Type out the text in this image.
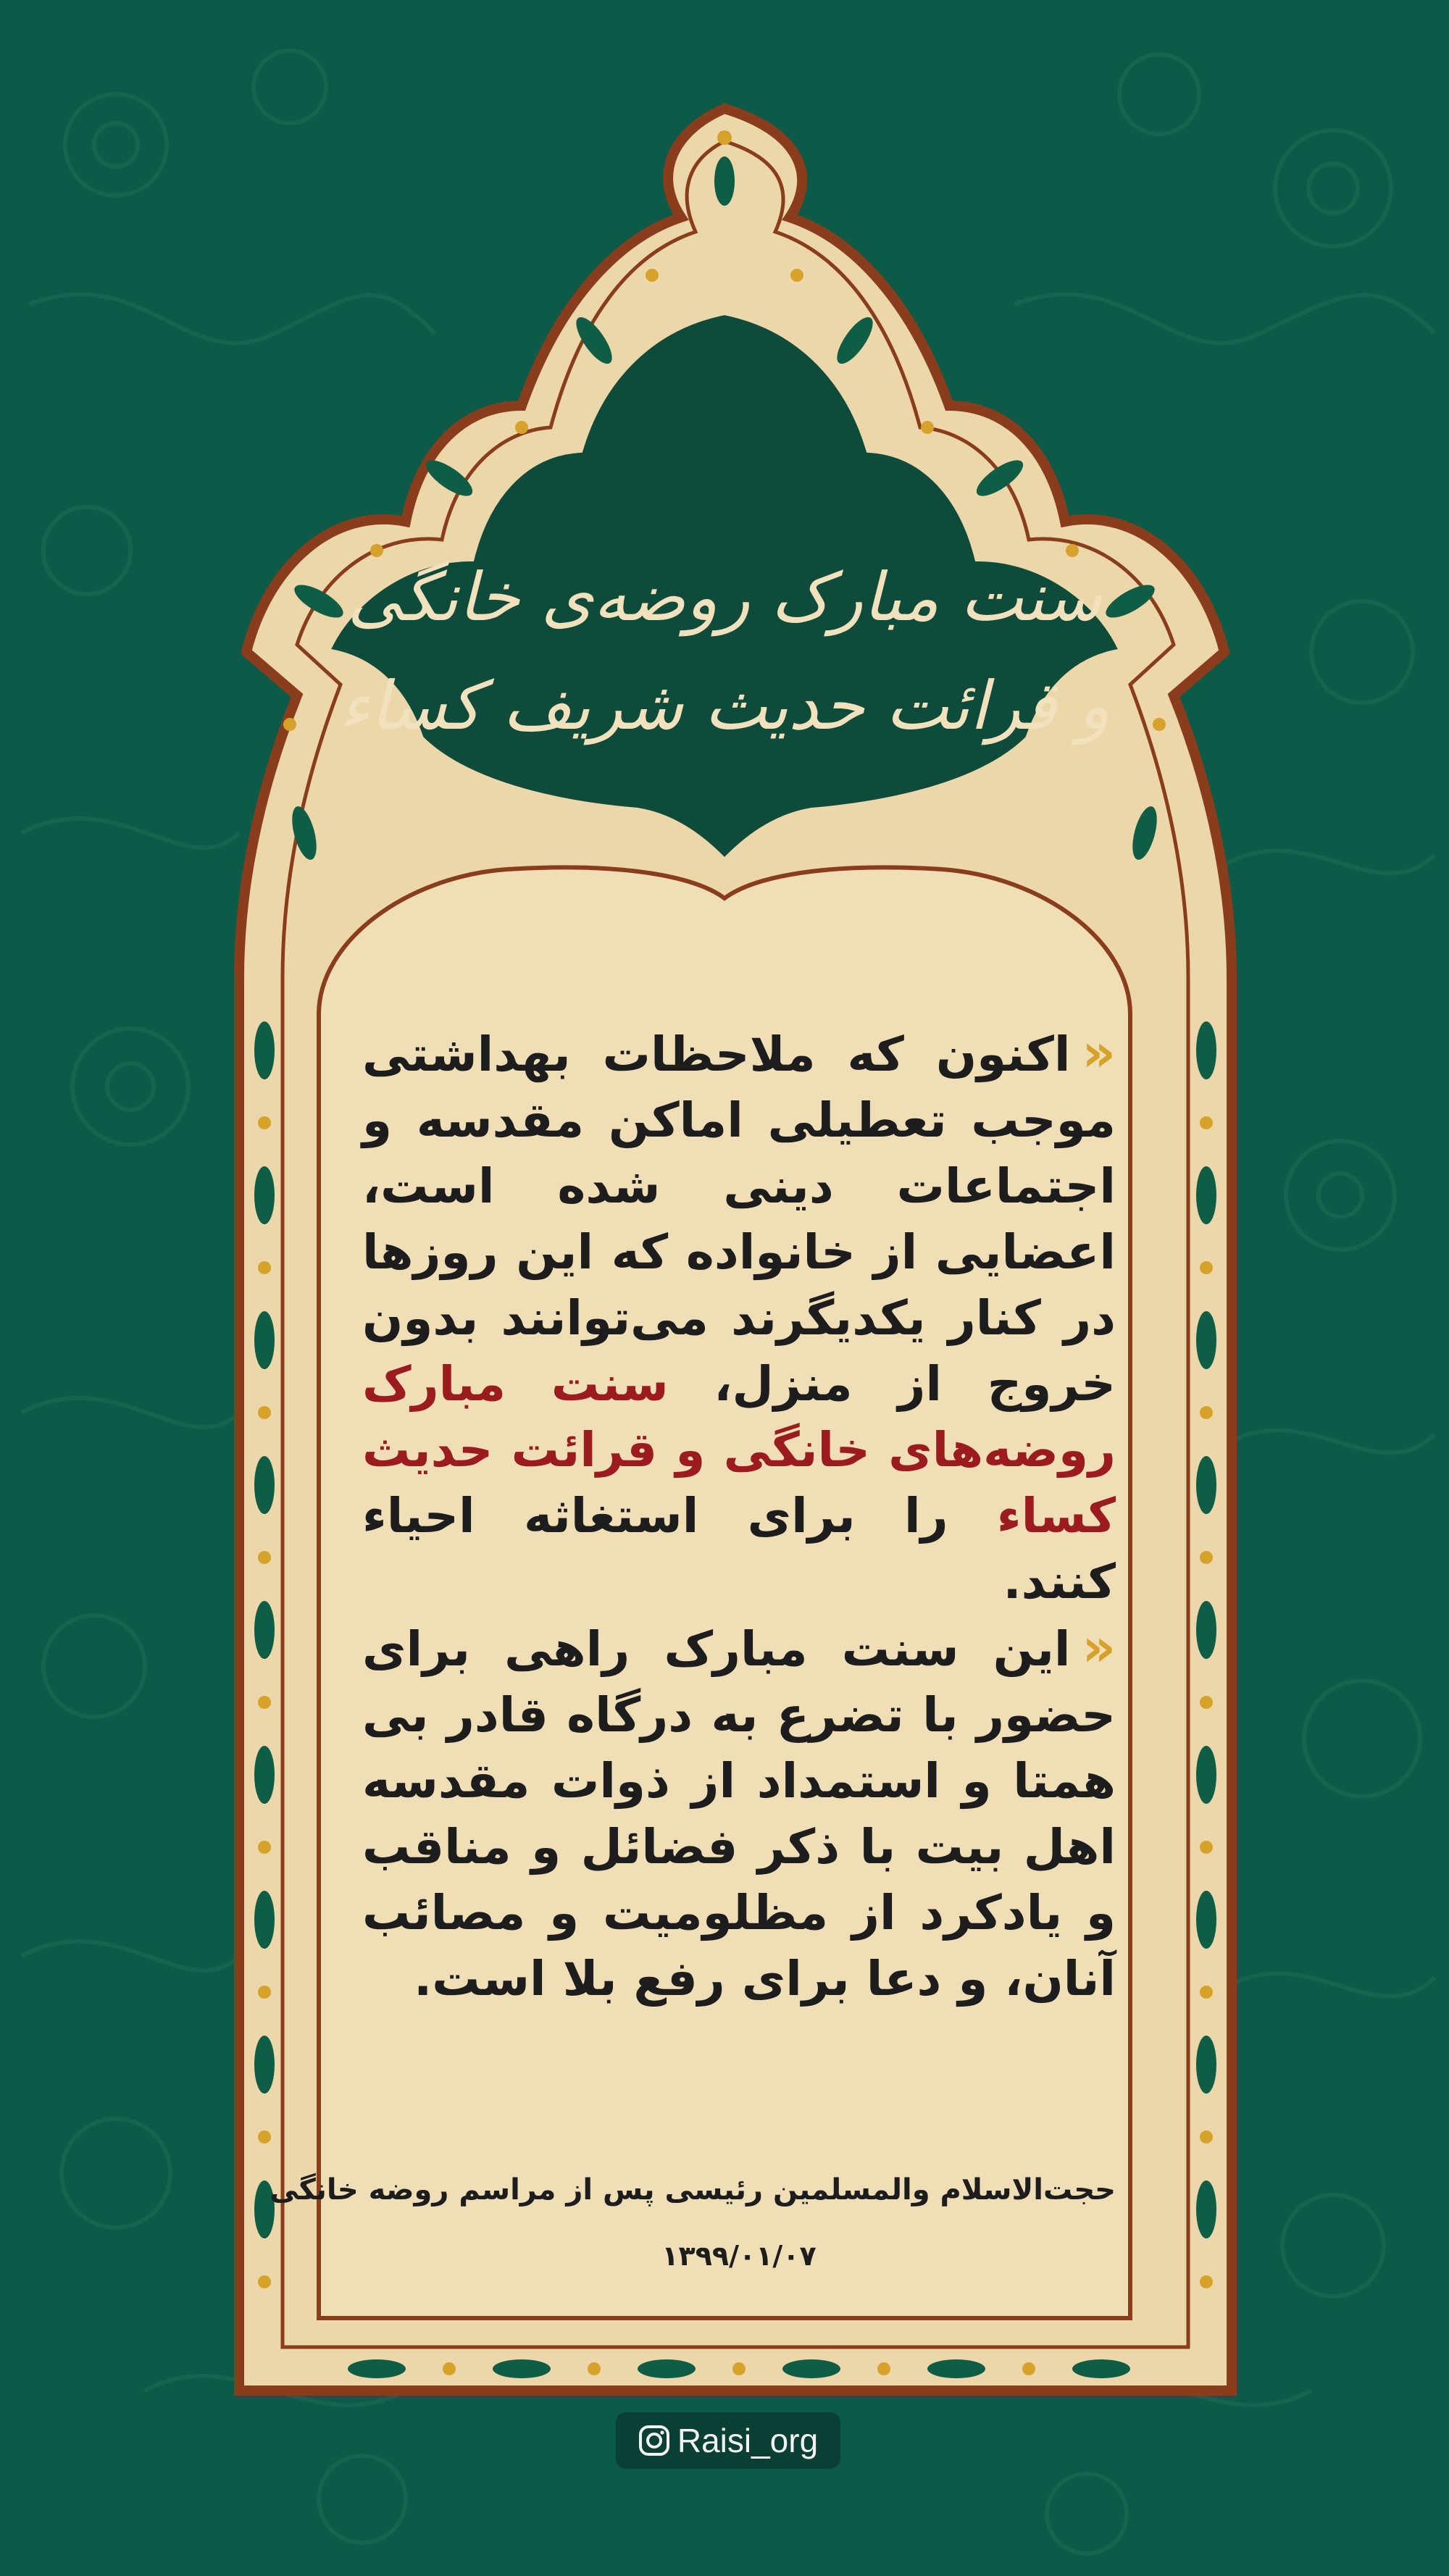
سنت مبارک روضه‌ی خانگی
و قرائت حدیث شریف کساء

«اکنون که ملاحظات بهداشتی موجب تعطیلی اماکن مقدسه و اجتماعات دینی شده است، اعضایی از خانواده که این روزها در کنار یکدیگرند می‌توانند بدون خروج از منزل، سنت مبارک روضه‌های خانگی و قرائت حدیث کساء را برای استغاثه احیاء کنند.

«این سنت مبارک راهی برای حضور با تضرع به درگاه قادر بی همتا و استمداد از ذوات مقدسه اهل بیت با ذکر فضائل و مناقب و یادکرد از مظلومیت و مصائب آنان، و دعا برای رفع بلا است.

حجت‌الاسلام والمسلمین رئیسی پس از مراسم روضه خانگی
۱۳۹۹/۰۱/۰۷
Raisi_org
